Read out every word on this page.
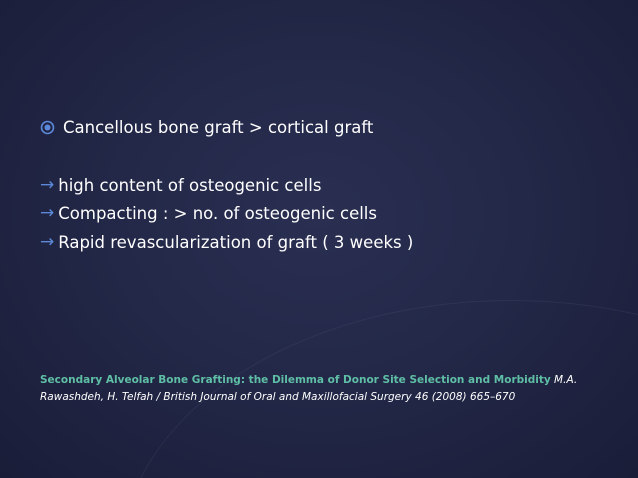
Cancellous bone graft > cortical graft
→ high content of osteogenic cells
→ Compacting : > no. of osteogenic cells
→ Rapid revascularization of graft ( 3 weeks )
Secondary Alveolar Bone Grafting: the Dilemma of Donor Site Selection and Morbidity M.A. Rawashdeh, H. Telfah / British Journal of Oral and Maxillofacial Surgery 46 (2008) 665–670
